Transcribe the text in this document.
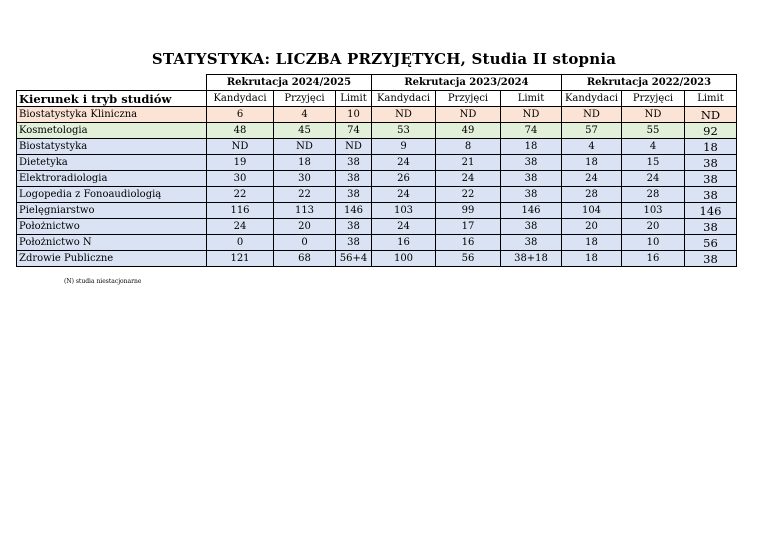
STATYSTYKA: LICZBA PRZYJĘTYCH, Studia II stopnia
	Rekrutacja 2024/2025			Rekrutacja 2023/2024			Rekrutacja 2022/2023		
Kierunek i tryb studiów	Kandydaci	Przyjęci	Limit	Kandydaci	Przyjęci	Limit	Kandydaci	Przyjęci	Limit
Biostatystyka Kliniczna	6	4	10	ND	ND	ND	ND	ND	ND
Kosmetologia	48	45	74	53	49	74	57	55	92
Biostatystyka	ND	ND	ND	9	8	18	4	4	18
Dietetyka	19	18	38	24	21	38	18	15	38
Elektroradiologia	30	30	38	26	24	38	24	24	38
Logopedia z Fonoaudiologią	22	22	38	24	22	38	28	28	38
Pielęgniarstwo	116	113	146	103	99	146	104	103	146
Położnictwo	24	20	38	24	17	38	20	20	38
Położnictwo N	0	0	38	16	16	38	18	10	56
Zdrowie Publiczne	121	68	56+4	100	56	38+18	18	16	38
(N) studia niestacjonarne
